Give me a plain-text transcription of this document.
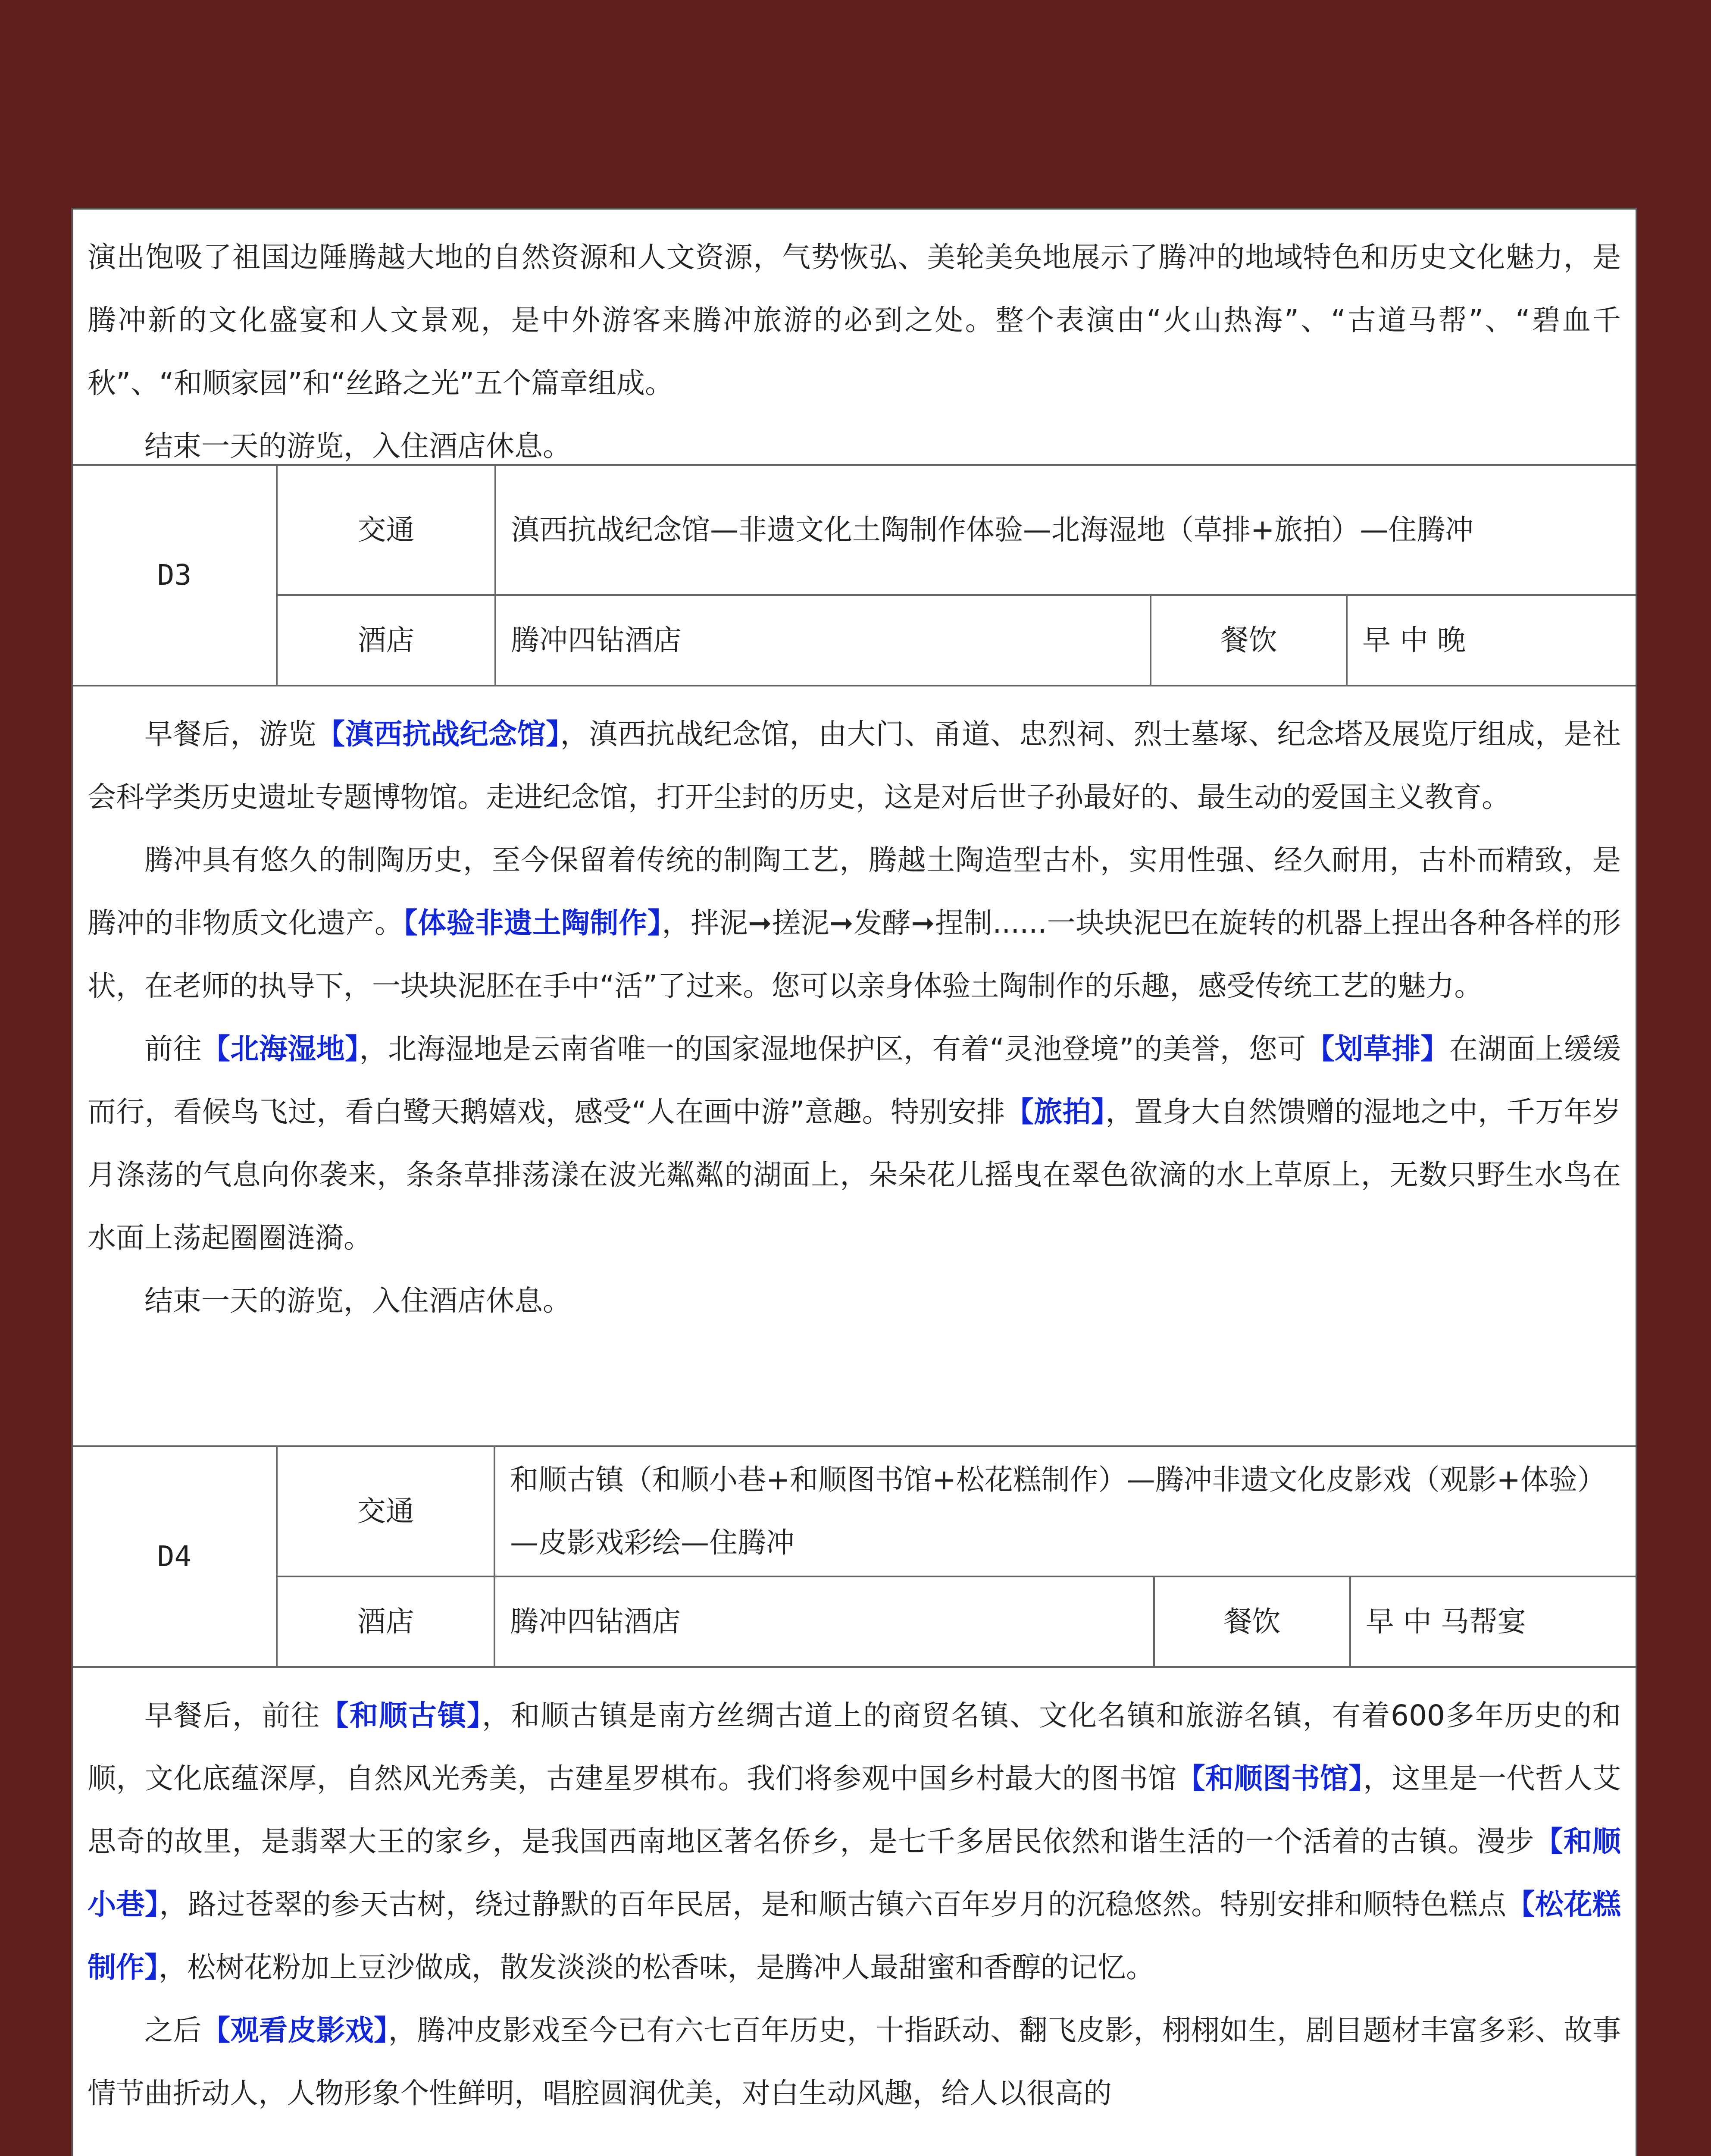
演出饱吸了祖国边陲腾越大地的自然资源和人文资源，气势恢弘、美轮美奂地展示了腾冲的地域特色和历史文化魅力，是腾冲新的文化盛宴和人文景观，是中外游客来腾冲旅游的必到之处。整个表演由“火山热海”、“古道马帮”、“碧血千秋”、“和顺家园”和“丝路之光”五个篇章组成。

结束一天的游览，入住酒店休息。

D3	交通	滇西抗战纪念馆—非遗文化土陶制作体验—北海湿地（草排+旅拍）—住腾冲		
	酒店	腾冲四钻酒店	餐饮	早 中 晚

早餐后，游览【滇西抗战纪念馆】，滇西抗战纪念馆，由大门、甬道、忠烈祠、烈士墓塚、纪念塔及展览厅组成，是社会科学类历史遗址专题博物馆。走进纪念馆，打开尘封的历史，这是对后世子孙最好的、最生动的爱国主义教育。

腾冲具有悠久的制陶历史，至今保留着传统的制陶工艺，腾越土陶造型古朴，实用性强、经久耐用，古朴而精致，是腾冲的非物质文化遗产。【体验非遗土陶制作】，拌泥➞搓泥➞发酵➞捏制......一块块泥巴在旋转的机器上捏出各种各样的形状，在老师的执导下，一块块泥胚在手中“活”了过来。您可以亲身体验土陶制作的乐趣，感受传统工艺的魅力。

前往【北海湿地】，北海湿地是云南省唯一的国家湿地保护区，有着“灵池登境”的美誉，您可【划草排】在湖面上缓缓而行，看候鸟飞过，看白鹭天鹅嬉戏，感受“人在画中游”意趣。特别安排【旅拍】，置身大自然馈赠的湿地之中，千万年岁月涤荡的气息向你袭来，条条草排荡漾在波光粼粼的湖面上，朵朵花儿摇曳在翠色欲滴的水上草原上，无数只野生水鸟在水面上荡起圈圈涟漪。

结束一天的游览，入住酒店休息。

D4	交通	和顺古镇（和顺小巷+和顺图书馆+松花糕制作）—腾冲非遗文化皮影戏（观影+体验）—皮影戏彩绘—住腾冲		
	酒店	腾冲四钻酒店	餐饮	早 中 马帮宴

早餐后，前往【和顺古镇】，和顺古镇是南方丝绸古道上的商贸名镇、文化名镇和旅游名镇，有着600多年历史的和顺，文化底蕴深厚，自然风光秀美，古建星罗棋布。我们将参观中国乡村最大的图书馆【和顺图书馆】，这里是一代哲人艾思奇的故里，是翡翠大王的家乡，是我国西南地区著名侨乡，是七千多居民依然和谐生活的一个活着的古镇。漫步【和顺小巷】，路过苍翠的参天古树，绕过静默的百年民居，是和顺古镇六百年岁月的沉稳悠然。特别安排和顺特色糕点【松花糕制作】，松树花粉加上豆沙做成，散发淡淡的松香味，是腾冲人最甜蜜和香醇的记忆。

之后【观看皮影戏】，腾冲皮影戏至今已有六七百年历史，十指跃动、翻飞皮影，栩栩如生，剧目题材丰富多彩、故事情节曲折动人，人物形象个性鲜明，唱腔圆润优美，对白生动风趣，给人以很高的
